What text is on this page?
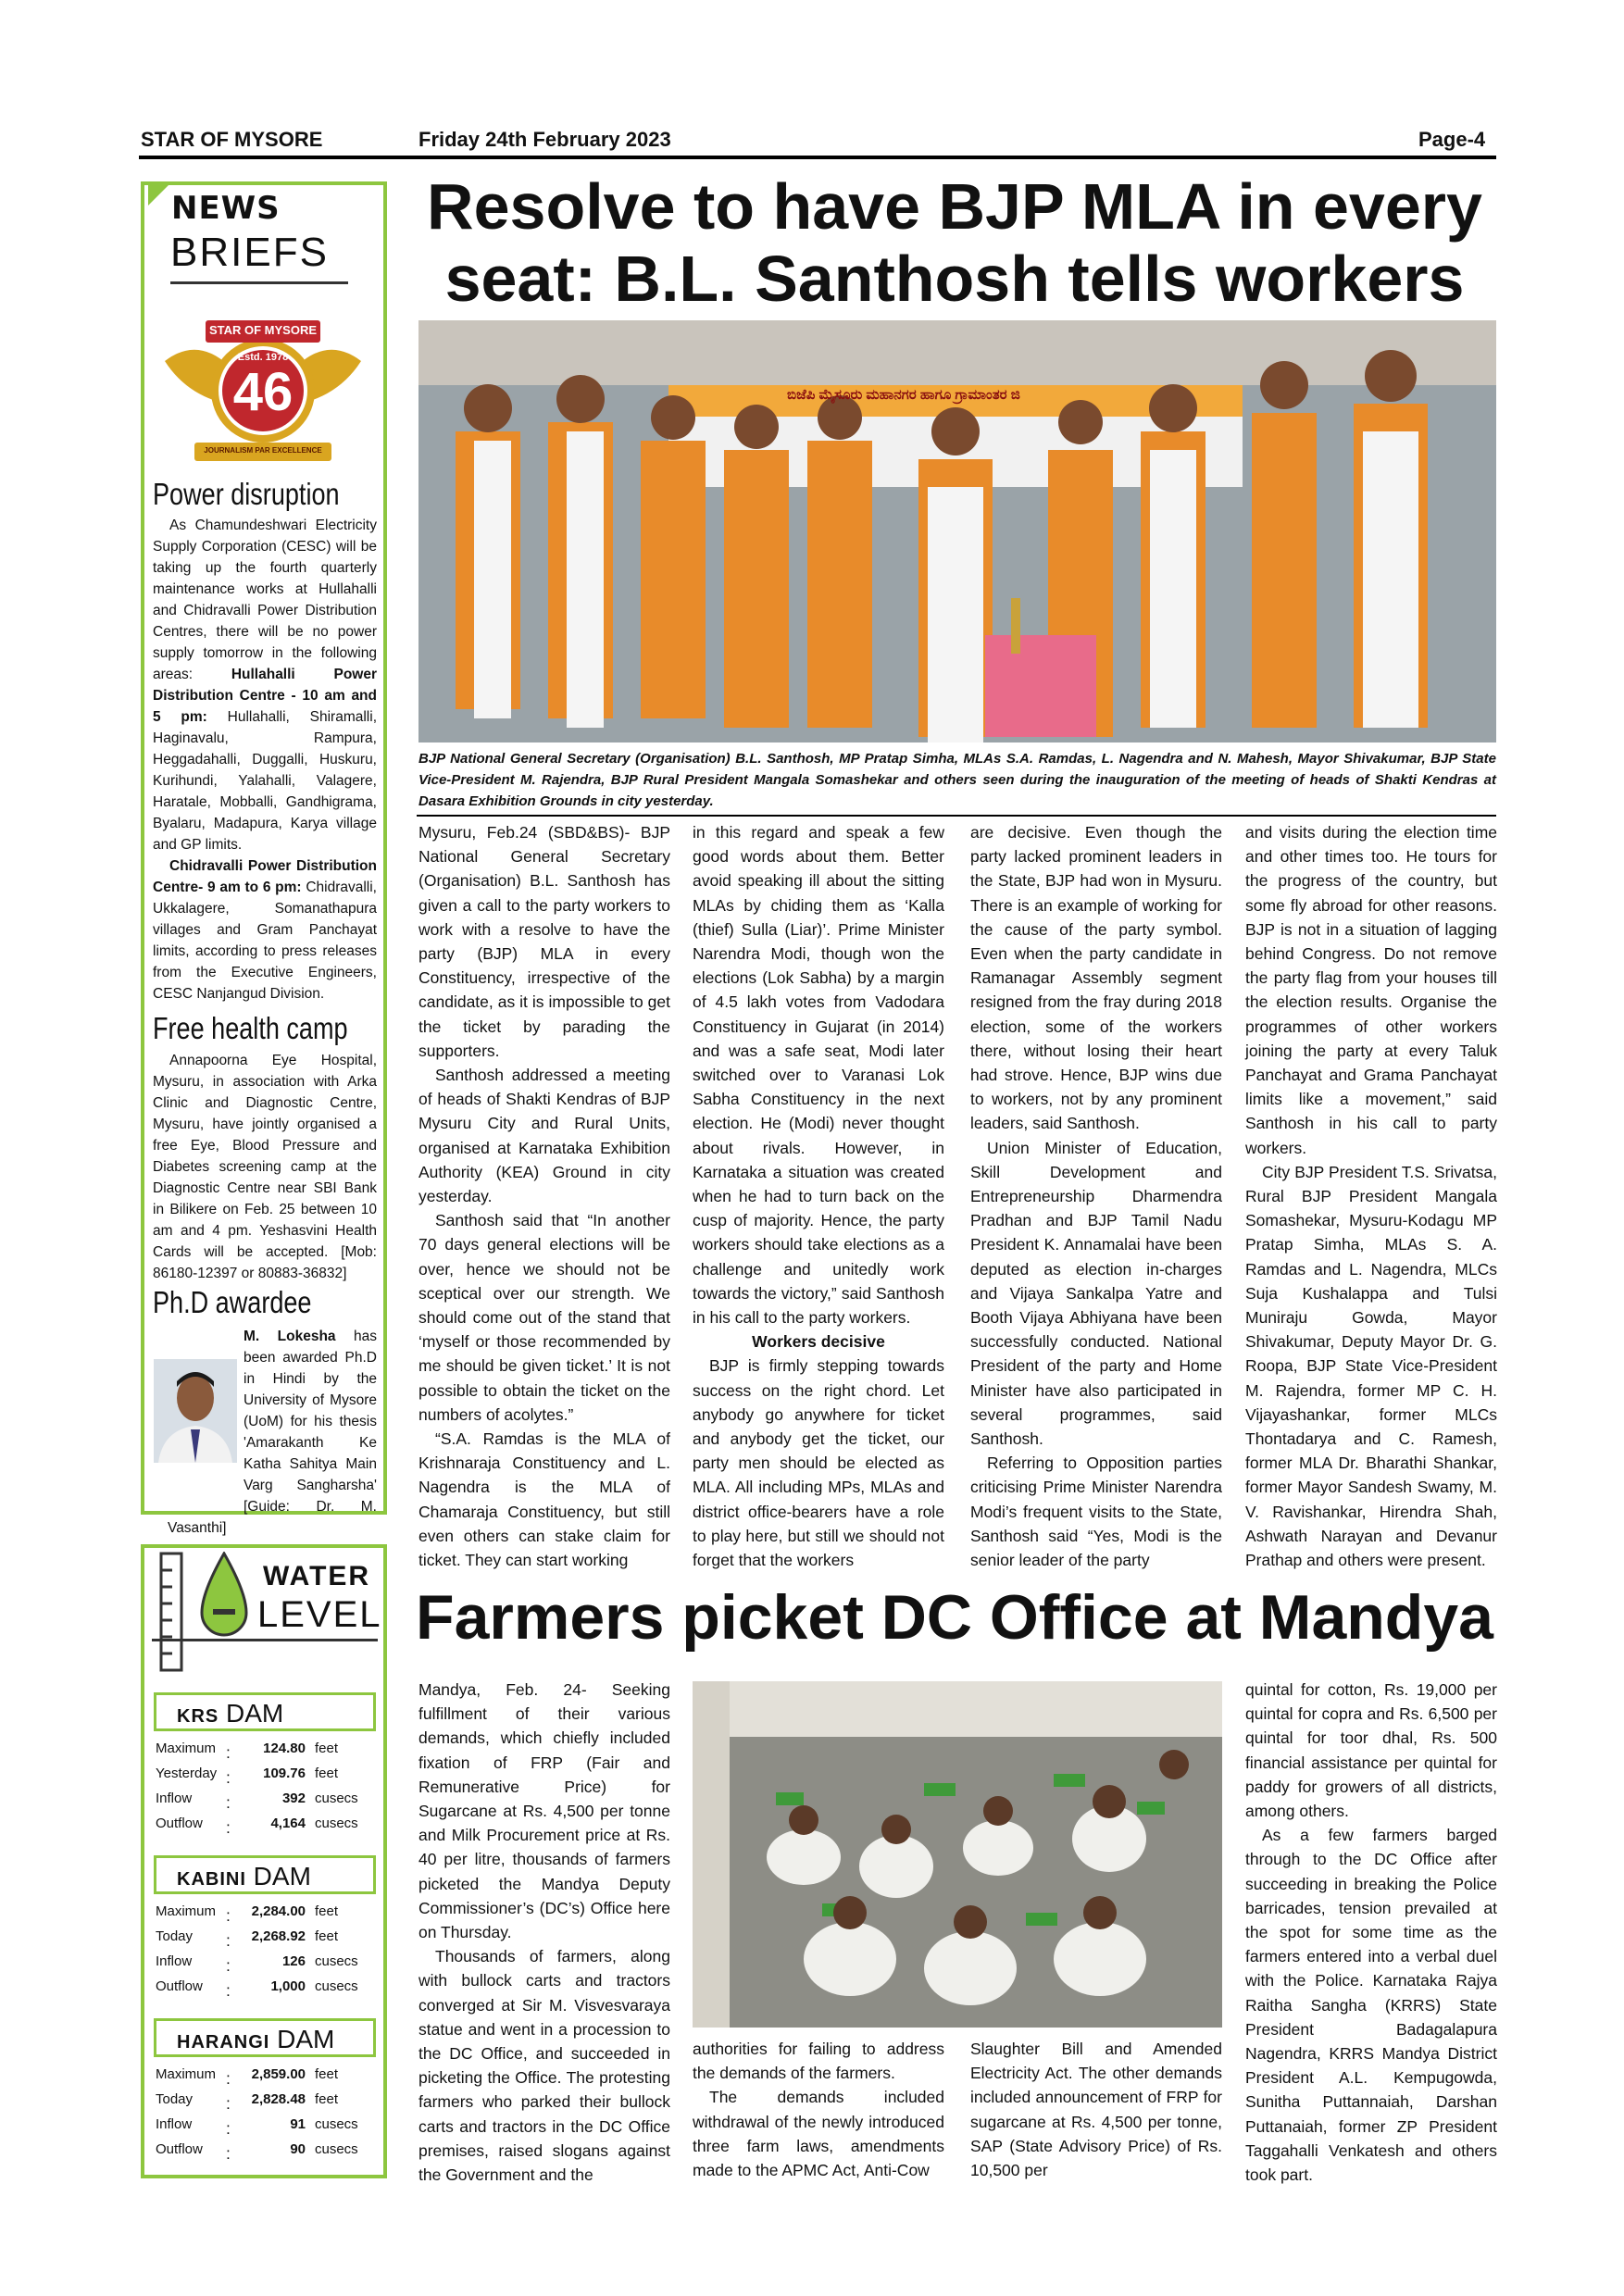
STAR OF MYSORE	Friday 24th February 2023	Page-4
NEWS
BRIEFS
STAR OF MYSORE
Estd. 1978
46
JOURNALISM PAR EXCELLENCE
Power disruption
As Chamundeshwari Electricity Supply Corporation (CESC) will be taking up the fourth quarterly maintenance works at Hullahalli and Chidravalli Power Distribution Centres, there will be no power supply tomorrow in the following areas: Hullahalli Power Distribution Centre - 10 am and 5 pm: Hullahalli, Shiramalli, Haginavalu, Rampura, Heggadahalli, Duggalli, Huskuru, Kurihundi, Yalahalli, Valagere, Haratale, Mobballi, Gandhigrama, Byalaru, Madapura, Karya village and GP limits.
Chidravalli Power Distribution Centre- 9 am to 6 pm: Chidravalli, Ukkalagere, Somanathapura villages and Gram Panchayat limits, according to press releases from the Executive Engineers, CESC Nanjangud Division.
Free health camp
Annapoorna Eye Hospital, Mysuru, in association with Arka Clinic and Diagnostic Centre, Mysuru, have jointly organised a free Eye, Blood Pressure and Diabetes screening camp at the Diagnostic Centre near SBI Bank in Bilikere on Feb. 25 between 10 am and 4 pm. Yeshasvini Health Cards will be accepted. [Mob: 86180-12397 or 80883-36832]
Ph.D awardee
M. Lokesha has been awarded Ph.D in Hindi by the University of Mysore (UoM) for his thesis 'Amarakanth Ke Katha Sahitya Main Varg Sangharsha' [Guide: Dr. M. Vasanthi]
WATER
LEVEL
KRS DAM
Maximum :	124.80 feet
Yesterday :	109.76 feet
Inflow	:	392 cusecs
Outflow	:	4,164 cusecs
KABINI DAM
Maximum :	2,284.00 feet
Today	:	2,268.92 feet
Inflow	:	126 cusecs
Outflow	:	1,000 cusecs
HARANGI DAM
Maximum :	2,859.00 feet
Today	:	2,828.48 feet
Inflow	:	91 cusecs
Outflow	:	90 cusecs
Resolve to have BJP MLA in every
seat: B.L. Santhosh tells workers
ಬಿಜೆಪಿ ಮೈಸೂರು ಮಹಾನಗರ ಹಾಗೂ ಗ್ರಾಮಾಂತರ ಜಿ
BJP National General Secretary (Organisation) B.L. Santhosh, MP Pratap Simha, MLAs S.A. Ramdas, L. Nagendra and N. Mahesh, Mayor Shivakumar, BJP State Vice-President M. Rajendra, BJP Rural President Mangala Somashekar and others seen during the inauguration of the meeting of heads of Shakti Kendras at Dasara Exhibition Grounds in city yesterday.

Mysuru, Feb.24 (SBD&BS)- BJP National General Secretary (Organisation) B.L. Santhosh has given a call to the party workers to work with a resolve to have the party (BJP) MLA in every Constituency, irrespective of the candidate, as it is impossible to get the ticket by parading the supporters.

Santhosh addressed a meeting of heads of Shakti Kendras of BJP Mysuru City and Rural Units, organised at Karnataka Exhibition Authority (KEA) Ground in city yesterday.

Santhosh said that “In another 70 days general elections will be over, hence we should not be sceptical over our strength. We should come out of the stand that ‘myself or those recommended by me should be given ticket.’ It is not possible to obtain the ticket on the numbers of acolytes.”

“S.A. Ramdas is the MLA of Krishnaraja Constituency and L. Nagendra is the MLA of Chamaraja Constituency, but still even others can stake claim for ticket. They can start working

in this regard and speak a few good words about them. Better avoid speaking ill about the sitting MLAs by chiding them as ‘Kalla (thief) Sulla (Liar)’. Prime Minister Narendra Modi, though won the elections (Lok Sabha) by a margin of 4.5 lakh votes from Vadodara Constituency in Gujarat (in 2014) and was a safe seat, Modi later switched over to Varanasi Lok Sabha Constituency in the next election. He (Modi) never thought about rivals. However, in Karnataka a situation was created when he had to turn back on the cusp of majority. Hence, the party workers should take elections as a challenge and unitedly work towards the victory,” said Santhosh in his call to the party workers.

Workers decisive

BJP is firmly stepping towards success on the right chord. Let anybody go anywhere for ticket and anybody get the ticket, our party men should be elected as MLA. All including MPs, MLAs and district office-bearers have a role to play here, but still we should not forget that the workers

are decisive. Even though the party lacked prominent leaders in the State, BJP had won in Mysuru. There is an example of working for the cause of the party symbol. Even when the party candidate in Ramanagar Assembly segment resigned from the fray during 2018 election, some of the workers there, without losing their heart had strove. Hence, BJP wins due to workers, not by any prominent leaders, said Santhosh.

Union Minister of Education, Skill Development and Entrepreneurship Dharmendra Pradhan and BJP Tamil Nadu President K. Annamalai have been deputed as election in-charges and Vijaya Sankalpa Yatre and Booth Vijaya Abhiyana have been successfully conducted. National President of the party and Home Minister have also participated in several programmes, said Santhosh.

Referring to Opposition parties criticising Prime Minister Narendra Modi’s frequent visits to the State, Santhosh said “Yes, Modi is the senior leader of the party

and visits during the election time and other times too. He tours for the progress of the country, but some fly abroad for other reasons. BJP is not in a situation of lagging behind Congress. Do not remove the party flag from your houses till the election results. Organise the programmes of other workers joining the party at every Taluk Panchayat and Grama Panchayat limits like a movement,” said Santhosh in his call to party workers.

City BJP President T.S. Srivatsa, Rural BJP President Mangala Somashekar, Mysuru-Kodagu MP Pratap Simha, MLAs S. A. Ramdas and L. Nagendra, MLCs Suja Kushalappa and Tulsi Muniraju Gowda, Mayor Shivakumar, Deputy Mayor Dr. G. Roopa, BJP State Vice-President M. Rajendra, former MP C. H. Vijayashankar, former MLCs Thontadarya and C. Ramesh, former MLA Dr. Bharathi Shankar, former Mayor Sandesh Swamy, M. V. Ravishankar, Hirendra Shah, Ashwath Narayan and Devanur Prathap and others were present.

Farmers picket DC Office at Mandya

Mandya, Feb. 24- Seeking fulfillment of their various demands, which chiefly included fixation of FRP (Fair and Remunerative Price) for Sugarcane at Rs. 4,500 per tonne and Milk Procurement price at Rs. 40 per litre, thousands of farmers picketed the Mandya Deputy Commissioner’s (DC’s) Office here on Thursday.

Thousands of farmers, along with bullock carts and tractors converged at Sir M. Visvesvaraya statue and went in a procession to the DC Office, and succeeded in picketing the Office. The protesting farmers who parked their bullock carts and tractors in the DC Office premises, raised slogans against the Government and the

authorities for failing to address the demands of the farmers.

The demands included withdrawal of the newly introduced three farm laws, amendments made to the APMC Act, Anti-Cow

Slaughter Bill and Amended Electricity Act. The other demands included announcement of FRP for sugarcane at Rs. 4,500 per tonne, SAP (State Advisory Price) of Rs. 10,500 per

quintal for cotton, Rs. 19,000 per quintal for copra and Rs. 6,500 per quintal for toor dhal, Rs. 500 financial assistance per quintal for paddy for growers of all districts, among others.

As a few farmers barged through to the DC Office after succeeding in breaking the Police barricades, tension prevailed at the spot for some time as the farmers entered into a verbal duel with the Police. Karnataka Rajya Raitha Sangha (KRRS) State President Badagalapura Nagendra, KRRS Mandya District President A.L. Kempugowda, Sunitha Puttannaiah, Darshan Puttanaiah, former ZP President Taggahalli Venkatesh and others took part.
